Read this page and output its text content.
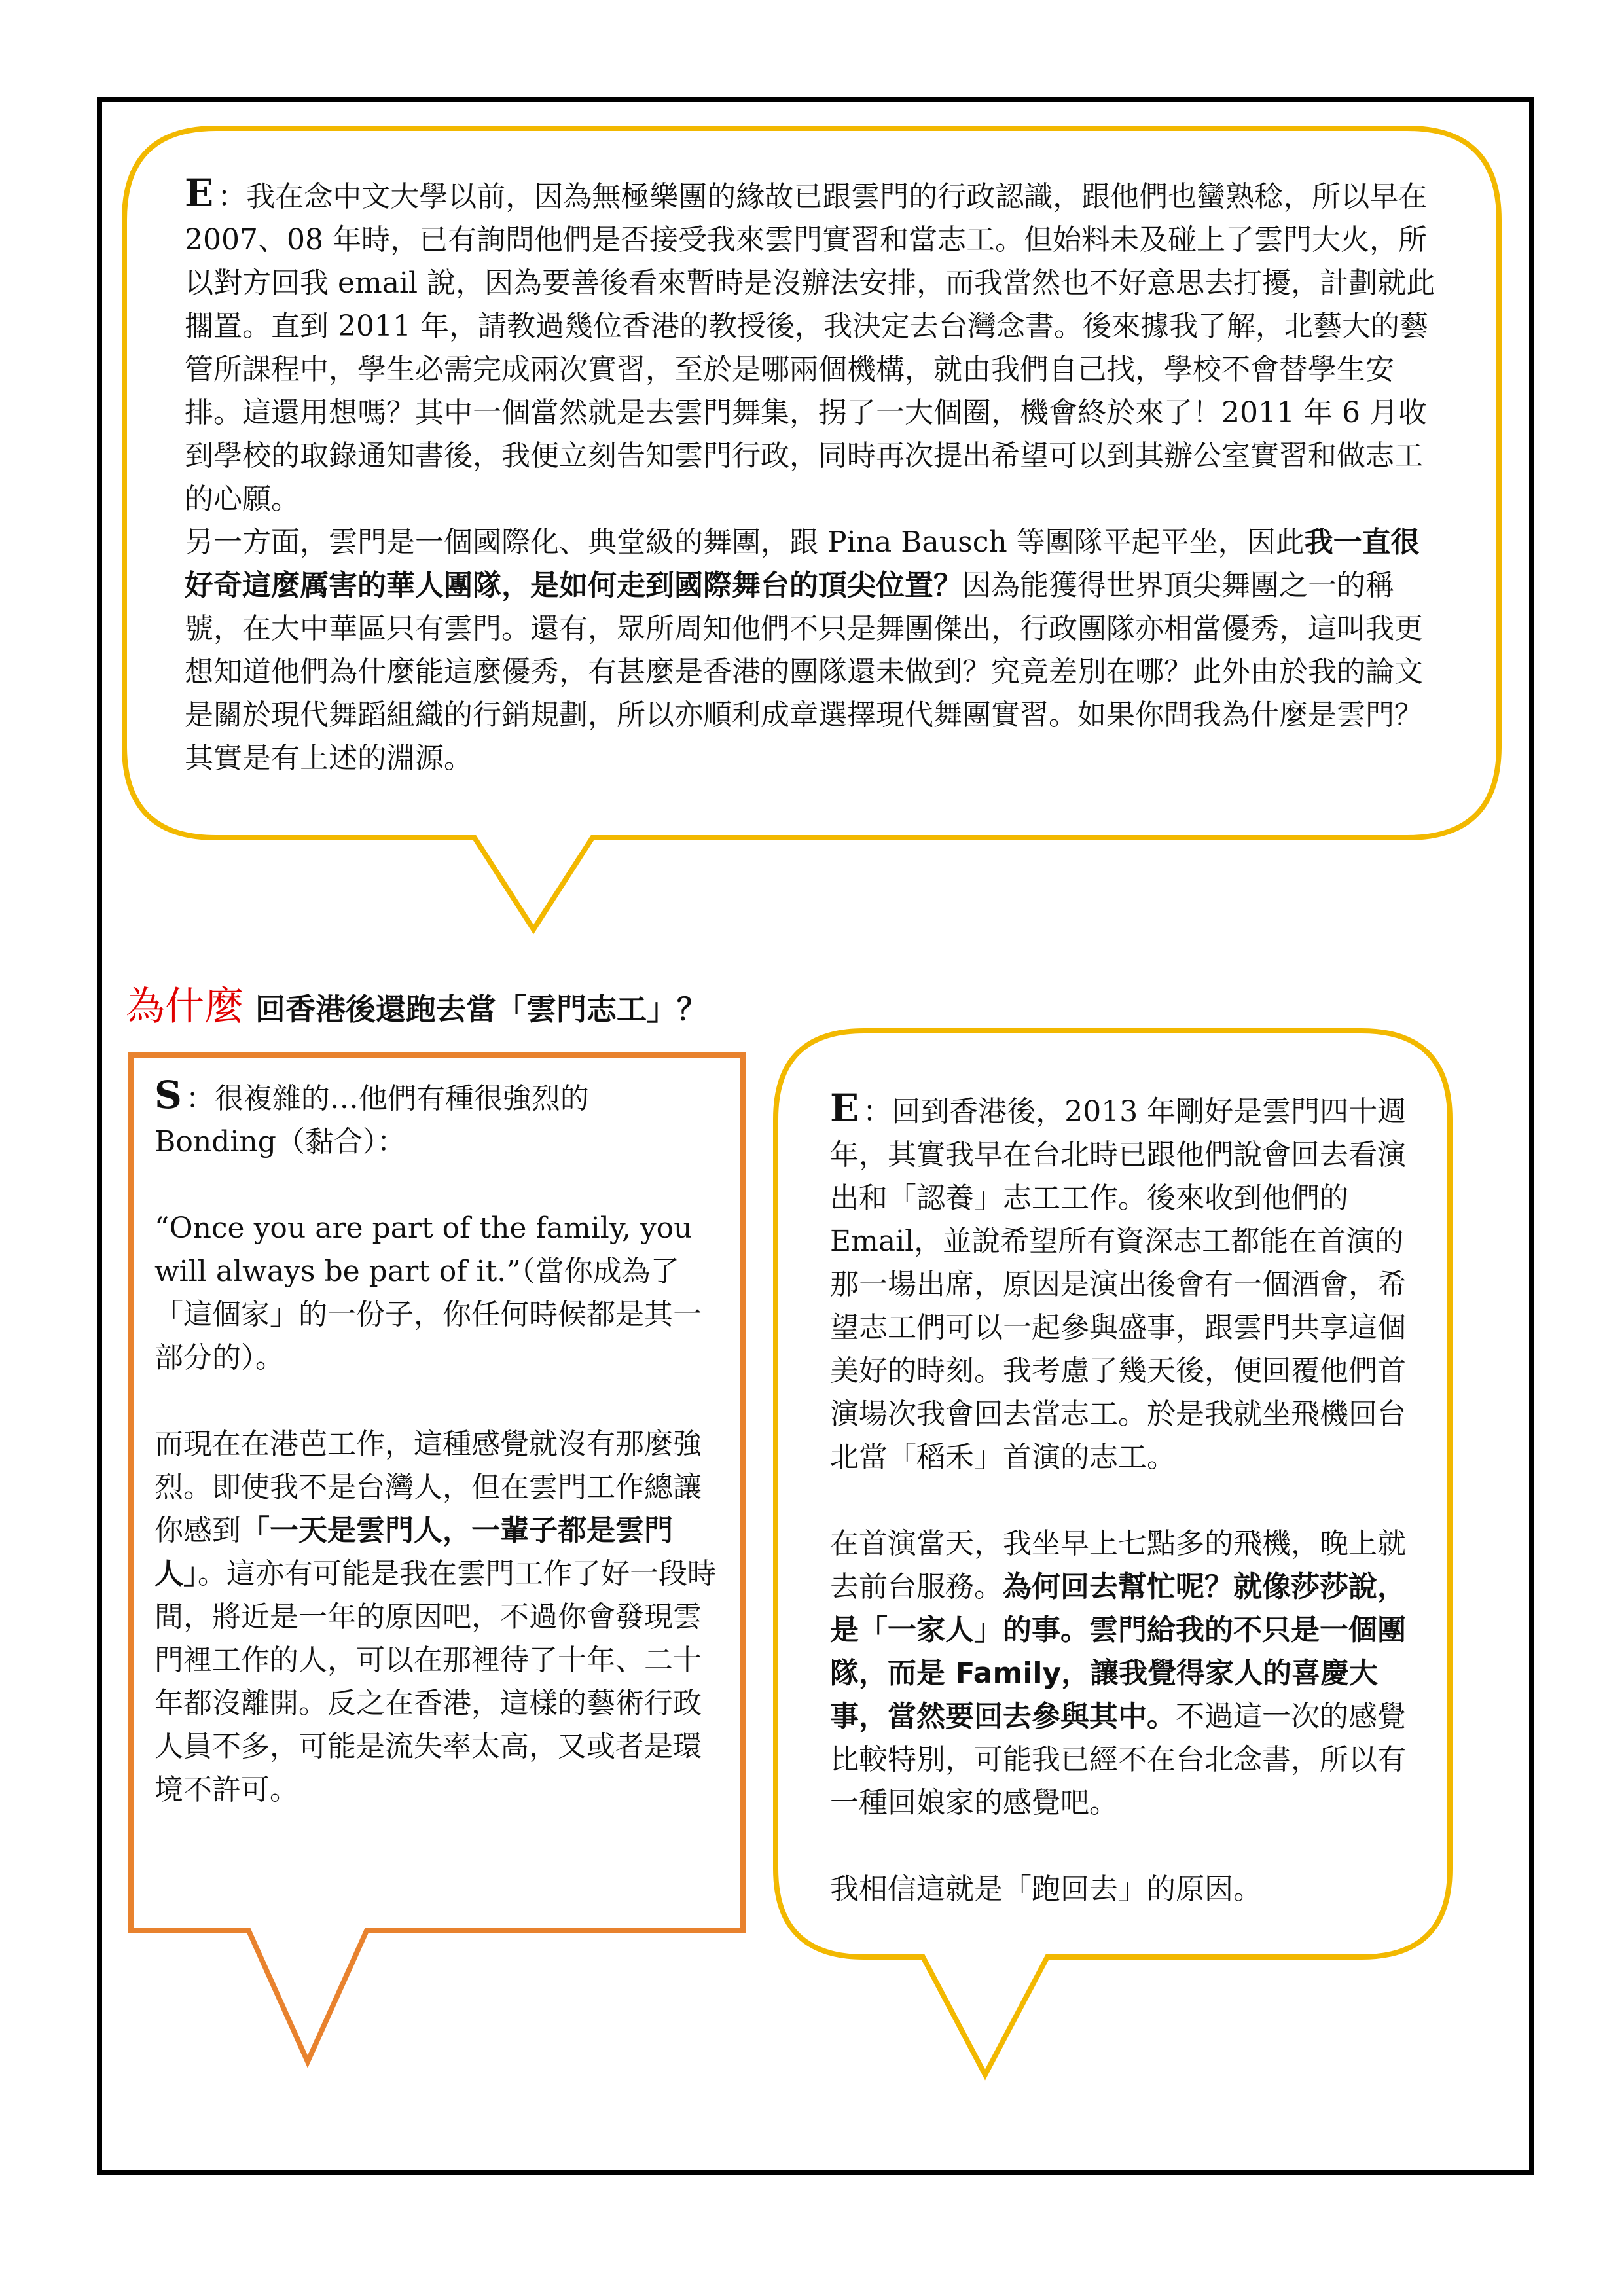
E ：我在念中文大學以前，因為無極樂團的緣故已跟雲門的行政認識，跟他們也蠻熟稔，所以早在 2007、08 年時，已有詢問他們是否接受我來雲門實習和當志工。但始料未及碰上了雲門大火，所以對方回我 email 說，因為要善後看來暫時是沒辦法安排，而我當然也不好意思去打擾，計劃就此擱置。直到 2011 年，請教過幾位香港的教授後，我決定去台灣念書。後來據我了解，北藝大的藝管所課程中，學生必需完成兩次實習，至於是哪兩個機構，就由我們自己找，學校不會替學生安排。這還用想嗎？其中一個當然就是去雲門舞集，拐了一大個圈，機會終於來了！2011 年 6 月收到學校的取錄通知書後，我便立刻告知雲門行政，同時再次提出希望可以到其辦公室實習和做志工的心願。

另一方面，雲門是一個國際化、典堂級的舞團，跟 Pina Bausch 等團隊平起平坐，因此我一直很好奇這麼厲害的華人團隊，是如何走到國際舞台的頂尖位置？因為能獲得世界頂尖舞團之一的稱號，在大中華區只有雲門。還有，眾所周知他們不只是舞團傑出，行政團隊亦相當優秀，這叫我更想知道他們為什麼能這麼優秀，有甚麼是香港的團隊還未做到？究竟差別在哪？此外由於我的論文是關於現代舞蹈組織的行銷規劃，所以亦順利成章選擇現代舞團實習。如果你問我為什麼是雲門？其實是有上述的淵源。

為什麼 回香港後還跑去當「雲門志工」？

S ：很複雜的…他們有種很強烈的 Bonding（黏合）：

“Once you are part of the family, you will always be part of it.”（當你成為了「這個家」的一份子，你任何時候都是其一部分的）。

而現在在港芭工作，這種感覺就沒有那麼強烈。即使我不是台灣人，但在雲門工作總讓你感到「一天是雲門人，一輩子都是雲門人」。這亦有可能是我在雲門工作了好一段時間，將近是一年的原因吧，不過你會發現雲門裡工作的人，可以在那裡待了十年、二十年都沒離開。反之在香港，這樣的藝術行政人員不多，可能是流失率太高，又或者是環境不許可。

E ：回到香港後，2013 年剛好是雲門四十週年，其實我早在台北時已跟他們說會回去看演出和「認養」志工工作。後來收到他們的 Email，並說希望所有資深志工都能在首演的那一場出席，原因是演出後會有一個酒會，希望志工們可以一起參與盛事，跟雲門共享這個美好的時刻。我考慮了幾天後，便回覆他們首演場次我會回去當志工。於是我就坐飛機回台北當「稻禾」首演的志工。

在首演當天，我坐早上七點多的飛機，晚上就去前台服務。為何回去幫忙呢？就像莎莎說，是「一家人」的事。雲門給我的不只是一個團隊，而是 Family，讓我覺得家人的喜慶大事，當然要回去參與其中。不過這一次的感覺比較特別，可能我已經不在台北念書，所以有一種回娘家的感覺吧。

我相信這就是「跑回去」的原因。
